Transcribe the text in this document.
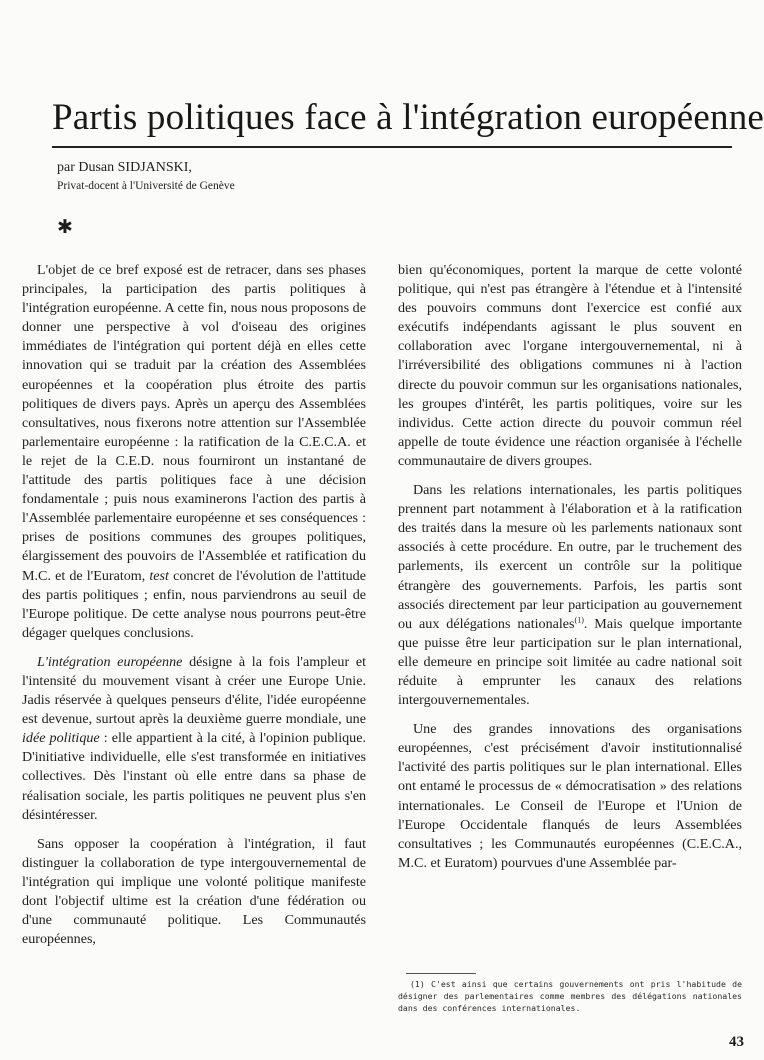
Partis politiques face à l'intégration européenne
par Dusan SIDJANSKI,
Privat-docent à l'Université de Genève
✱

L'objet de ce bref exposé est de retracer, dans ses phases principales, la participation des partis politiques à l'intégration européenne. A cette fin, nous nous proposons de donner une perspective à vol d'oiseau des origines immédiates de l'intégration qui portent déjà en elles cette innovation qui se traduit par la création des Assemblées européennes et la coopération plus étroite des partis politiques de divers pays. Après un aperçu des Assemblées consultatives, nous fixerons notre attention sur l'Assemblée parlementaire européenne : la ratification de la C.E.C.A. et le rejet de la C.E.D. nous fourniront un instantané de l'attitude des partis politiques face à une décision fondamentale ; puis nous examinerons l'action des partis à l'Assemblée parlementaire européenne et ses conséquences : prises de positions communes des groupes politiques, élargissement des pouvoirs de l'Assemblée et ratification du M.C. et de l'Euratom, test concret de l'évolution de l'attitude des partis politiques ; enfin, nous parviendrons au seuil de l'Europe politique. De cette analyse nous pourrons peut-être dégager quelques conclusions.

L'intégration européenne désigne à la fois l'ampleur et l'intensité du mouvement visant à créer une Europe Unie. Jadis réservée à quelques penseurs d'élite, l'idée européenne est devenue, surtout après la deuxième guerre mondiale, une idée politique : elle appartient à la cité, à l'opinion publique. D'initiative individuelle, elle s'est transformée en initiatives collectives. Dès l'instant où elle entre dans sa phase de réalisation sociale, les partis politiques ne peuvent plus s'en désintéresser.

Sans opposer la coopération à l'intégration, il faut distinguer la collaboration de type intergouvernemental de l'intégration qui implique une volonté politique manifeste dont l'objectif ultime est la création d'une fédération ou d'une communauté politique. Les Communautés européennes,

bien qu'économiques, portent la marque de cette volonté politique, qui n'est pas étrangère à l'étendue et à l'intensité des pouvoirs communs dont l'exercice est confié aux exécutifs indépendants agissant le plus souvent en collaboration avec l'organe intergouvernemental, ni à l'irréversibilité des obligations communes ni à l'action directe du pouvoir commun sur les organisations nationales, les groupes d'intérêt, les partis politiques, voire sur les individus. Cette action directe du pouvoir commun réel appelle de toute évidence une réaction organisée à l'échelle communautaire de divers groupes.

Dans les relations internationales, les partis politiques prennent part notamment à l'élaboration et à la ratification des traités dans la mesure où les parlements nationaux sont associés à cette procédure. En outre, par le truchement des parlements, ils exercent un contrôle sur la politique étrangère des gouvernements. Parfois, les partis sont associés directement par leur participation au gouvernement ou aux délégations nationales$^{(1)}$. Mais quelque importante que puisse être leur participation sur le plan international, elle demeure en principe soit limitée au cadre national soit réduite à emprunter les canaux des relations intergouvernementales.

Une des grandes innovations des organisations européennes, c'est précisément d'avoir institutionnalisé l'activité des partis politiques sur le plan international. Elles ont entamé le processus de « démocratisation » des relations internationales. Le Conseil de l'Europe et l'Union de l'Europe Occidentale flanqués de leurs Assemblées consultatives ; les Communautés européennes (C.E.C.A., M.C. et Euratom) pourvues d'une Assemblée par-

(1) C'est ainsi que certains gouvernements ont pris l'habitude de désigner des parlementaires comme membres des délégations nationales dans des conférences internationales.
43
